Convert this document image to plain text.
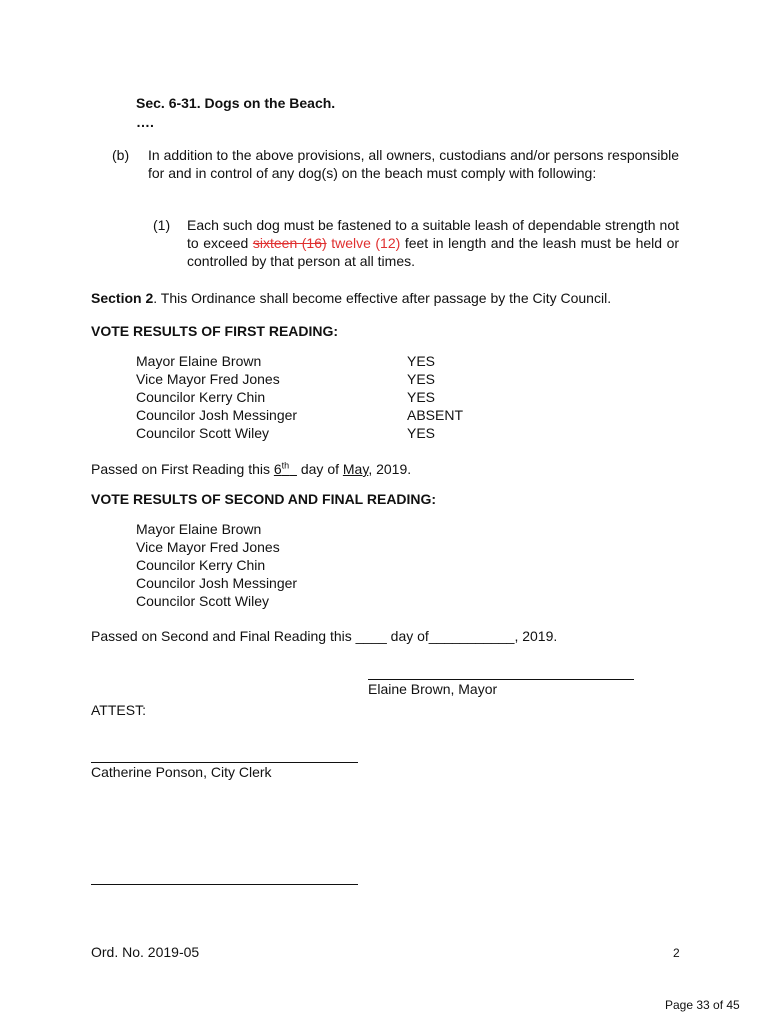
Sec. 6-31. Dogs on the Beach.
….
(b) In addition to the above provisions, all owners, custodians and/or persons responsible for and in control of any dog(s) on the beach must comply with following:
(1) Each such dog must be fastened to a suitable leash of dependable strength not to exceed sixteen (16) twelve (12) feet in length and the leash must be held or controlled by that person at all times.
Section 2. This Ordinance shall become effective after passage by the City Council.
VOTE RESULTS OF FIRST READING:
Mayor Elaine Brown	YES
Vice Mayor Fred Jones	YES
Councilor Kerry Chin	YES
Councilor Josh Messinger	ABSENT
Councilor Scott Wiley	YES
Passed on First Reading this 6th   day of May, 2019.
VOTE RESULTS OF SECOND AND FINAL READING:
Mayor Elaine Brown
Vice Mayor Fred Jones
Councilor Kerry Chin
Councilor Josh Messinger
Councilor Scott Wiley
Passed on Second and Final Reading this ____ day of___________, 2019.
Elaine Brown, Mayor
ATTEST:
Catherine Ponson, City Clerk
Ord. No. 2019-05	2
Page 33 of 45
